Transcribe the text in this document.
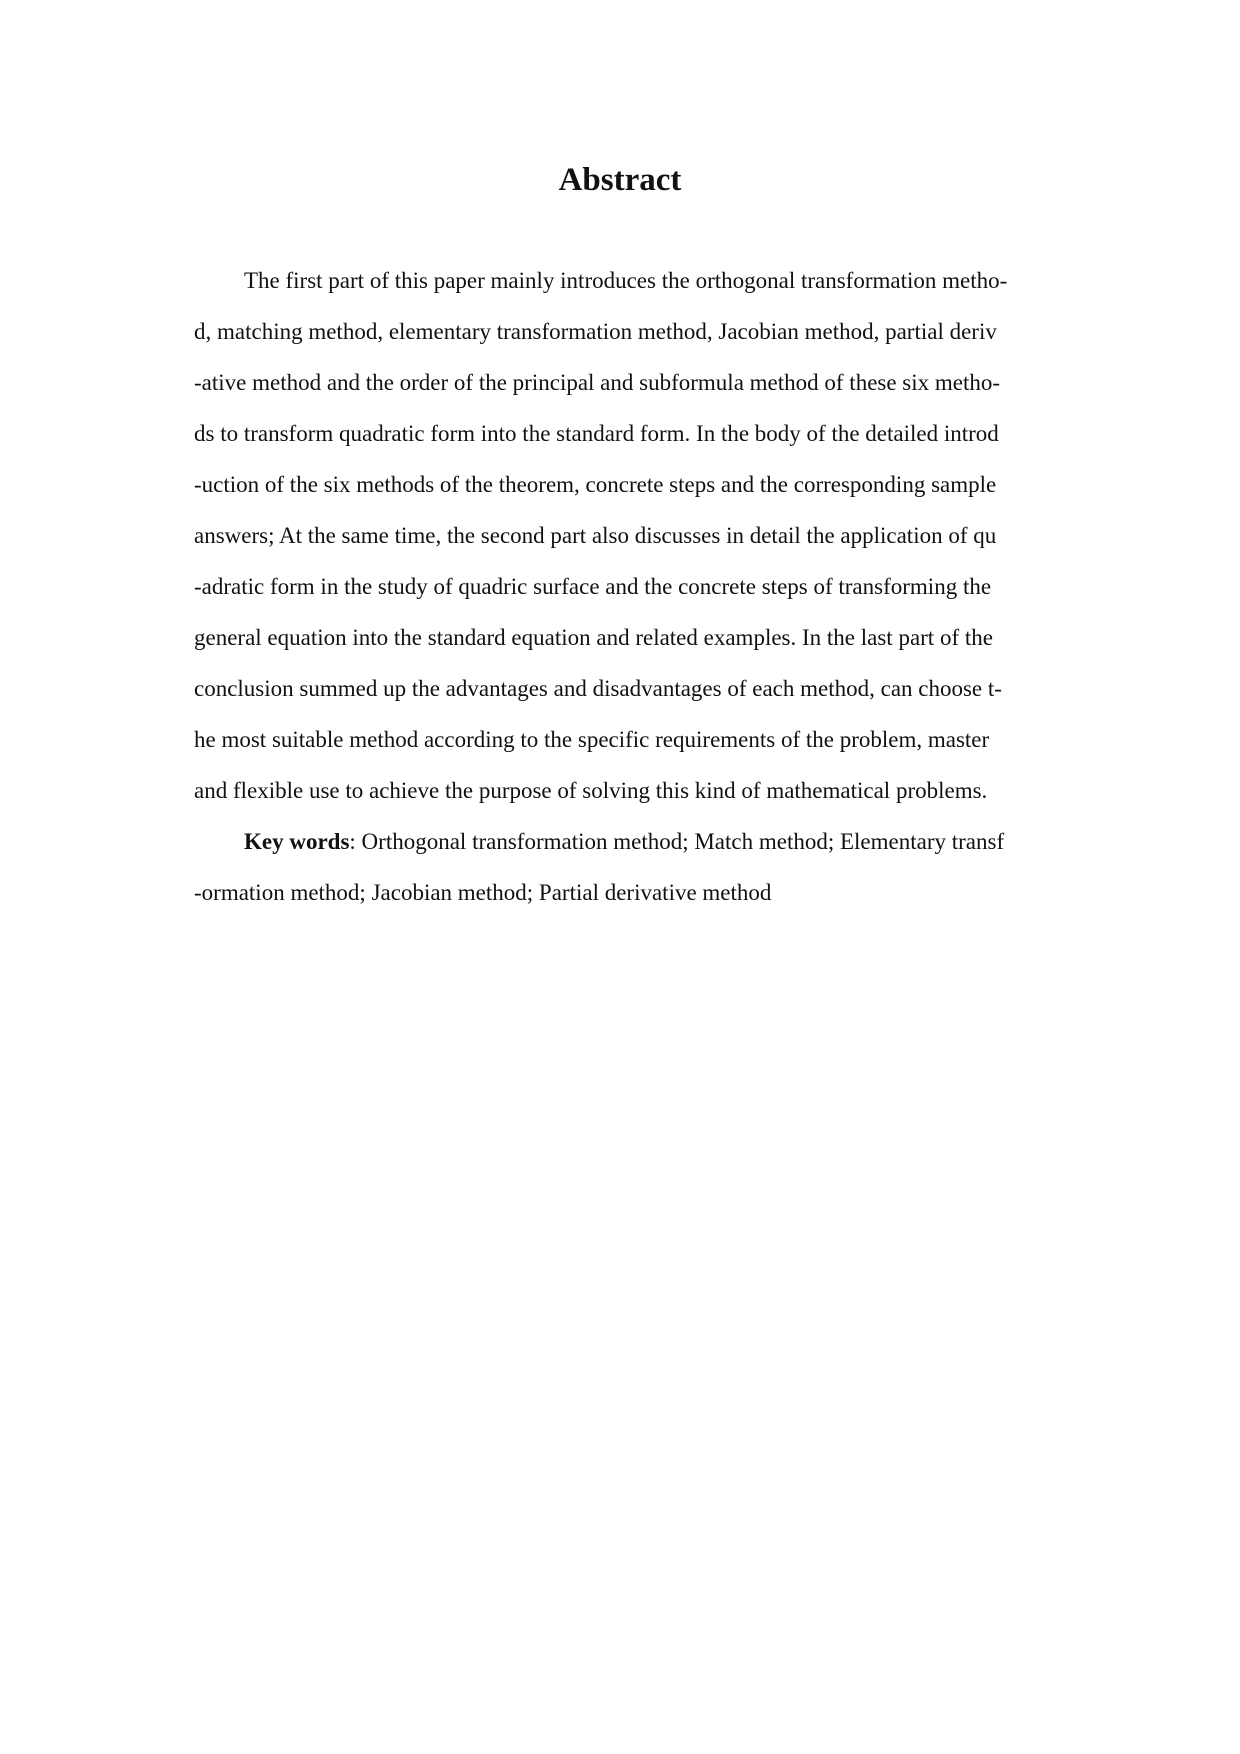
Abstract
The first part of this paper mainly introduces the orthogonal transformation metho-
d, matching method, elementary transformation method, Jacobian method, partial deriv
-ative method and the order of the principal and subformula method of these six metho-
ds to transform quadratic form into the standard form. In the body of the detailed introd
-uction of the six methods of the theorem, concrete steps and the corresponding sample
answers; At the same time, the second part also discusses in detail the application of qu
-adratic form in the study of quadric surface and the concrete steps of transforming the
general equation into the standard equation and related examples. In the last part of the
conclusion summed up the advantages and disadvantages of each method, can choose t-
he most suitable method according to the specific requirements of the problem, master
and flexible use to achieve the purpose of solving this kind of mathematical problems.
Key words: Orthogonal transformation method; Match method; Elementary transf
-ormation method; Jacobian method; Partial derivative method
